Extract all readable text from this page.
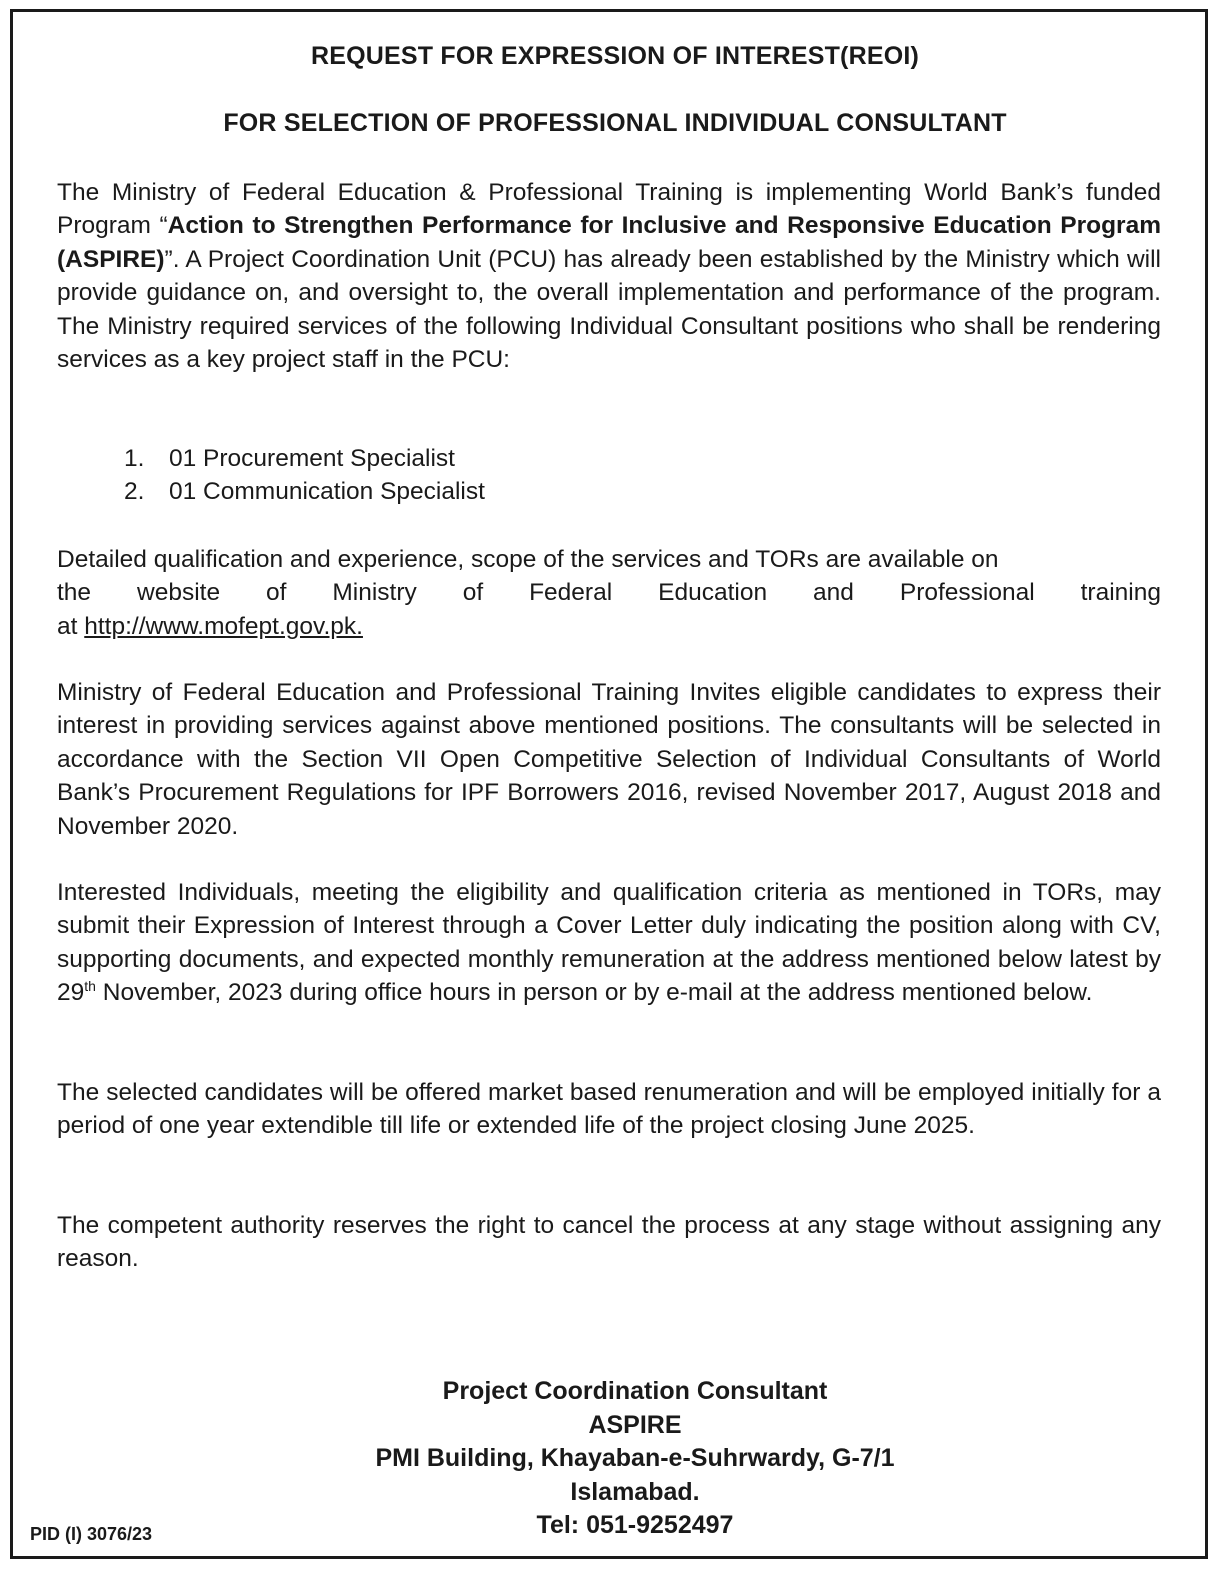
REQUEST FOR EXPRESSION OF INTEREST(REOI)
FOR SELECTION OF PROFESSIONAL INDIVIDUAL CONSULTANT

The Ministry of Federal Education & Professional Training is implementing World Bank’s funded Program “Action to Strengthen Performance for Inclusive and Responsive Education Program (ASPIRE)”. A Project Coordination Unit (PCU) has already been established by the Ministry which will provide guidance on, and oversight to, the overall implementation and performance of the program. The Ministry required services of the following Individual Consultant positions who shall be rendering services as a key project staff in the PCU:

1.	01 Procurement Specialist
2.	01 Communication Specialist
Detailed qualification and experience, scope of the services and TORs are available on
the website of Ministry of Federal Education and Professional training
at http://www.mofept.gov.pk.

Ministry of Federal Education and Professional Training Invites eligible candidates to express their interest in providing services against above mentioned positions. The consultants will be selected in accordance with the Section VII Open Competitive Selection of Individual Consultants of World Bank’s Procurement Regulations for IPF Borrowers 2016, revised November 2017, August 2018 and November 2020.

Interested Individuals, meeting the eligibility and qualification criteria as mentioned in TORs, may submit their Expression of Interest through a Cover Letter duly indicating the position along with CV, supporting documents, and expected monthly remuneration at the address mentioned below latest by 29th November, 2023 during office hours in person or by e-mail at the address mentioned below.

The selected candidates will be offered market based renumeration and will be employed initially for a period of one year extendible till life or extended life of the project closing June 2025.

The competent authority reserves the right to cancel the process at any stage without assigning any reason.

Project Coordination Consultant
ASPIRE
PMI Building, Khayaban-e-Suhrwardy, G-7/1
Islamabad.
Tel: 051-9252497
PID (I) 3076/23
